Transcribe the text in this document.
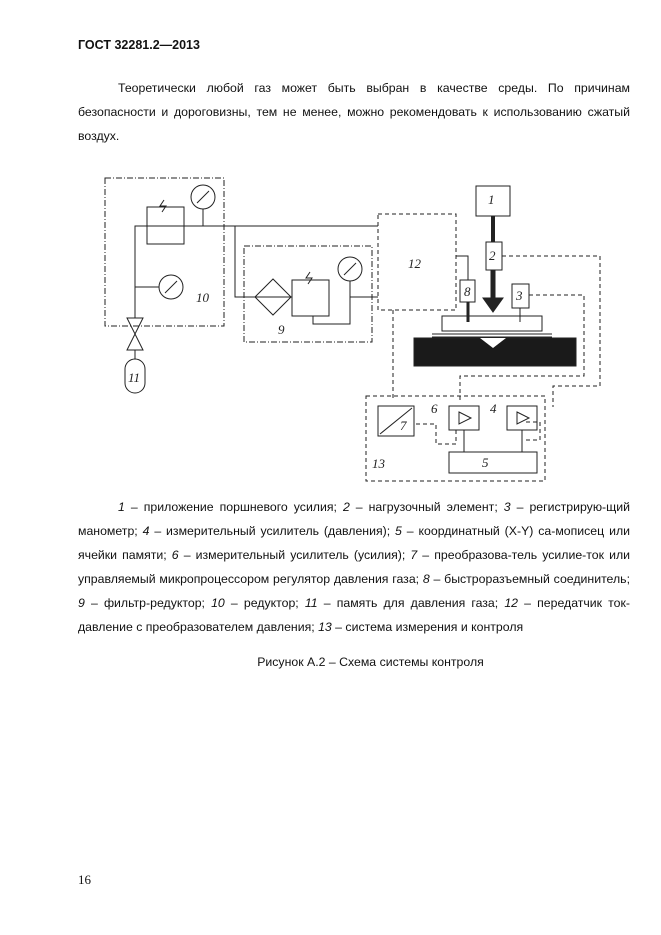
ГОСТ 32281.2—2013
Теоретически любой газ может быть выбран в качестве среды. По причинам безопасности и дороговизны, тем не менее, можно рекомендовать к использованию сжатый воздух.
1
2
3
4
5
6
7
8
9
10
11
12
13
1 – приложение поршневого усилия; 2 – нагрузочный элемент; 3 – регистрирую-щий манометр; 4 – измерительный усилитель (давления); 5 – координатный (X-Y) са-мописец или ячейки памяти; 6 – измерительный усилитель (усилия); 7 – преобразова-тель усилие-ток или управляемый микропроцессором регулятор давления газа; 8 – быстроразъемный соединитель; 9 – фильтр-редуктор; 10 – редуктор; 11 – память для давления газа; 12 – передатчик ток-давление с преобразователем давления; 13 – система измерения и контроля
Рисунок А.2 – Схема системы контроля
16
